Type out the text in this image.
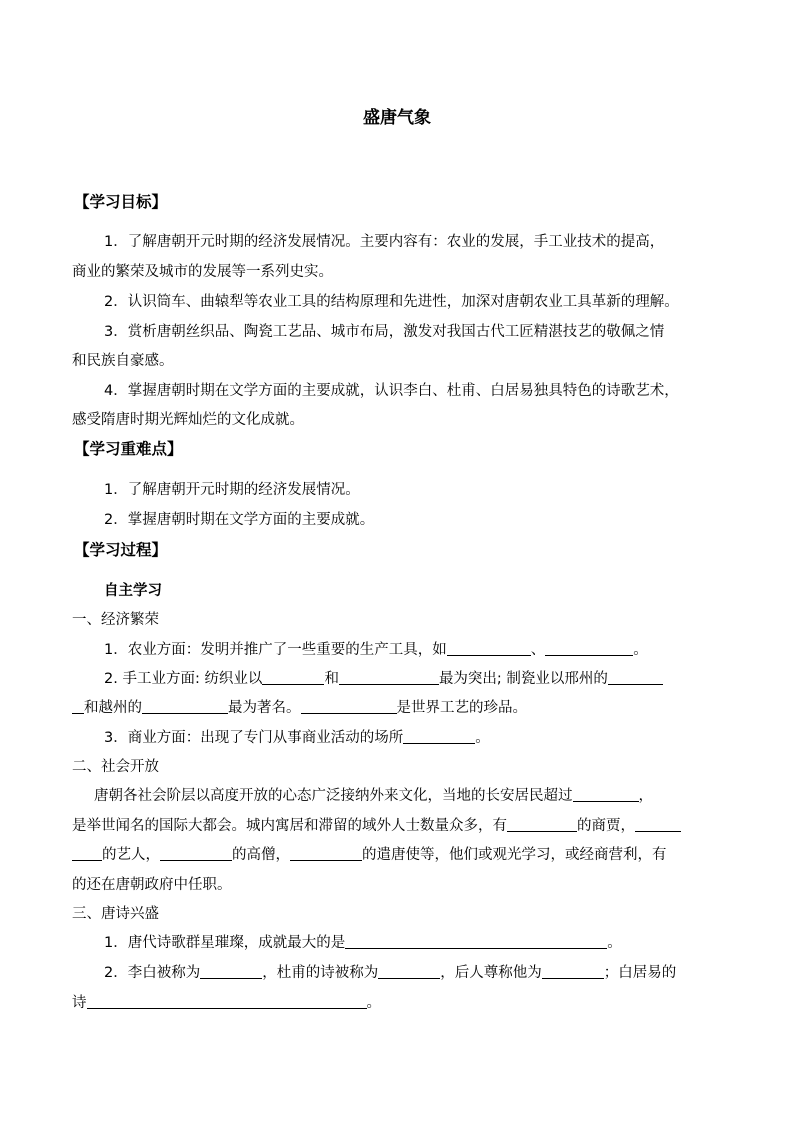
盛唐气象
【学习目标】
1．了解唐朝开元时期的经济发展情况。主要内容有：农业的发展，手工业技术的提高，
商业的繁荣及城市的发展等一系列史实。
2．认识筒车、曲辕犁等农业工具的结构原理和先进性，加深对唐朝农业工具革新的理解。
3．赏析唐朝丝织品、陶瓷工艺品、城市布局，激发对我国古代工匠精湛技艺的敬佩之情
和民族自豪感。
4．掌握唐朝时期在文学方面的主要成就，认识李白、杜甫、白居易独具特色的诗歌艺术，
感受隋唐时期光辉灿烂的文化成就。
【学习重难点】
1．了解唐朝开元时期的经济发展情况。
2．掌握唐朝时期在文学方面的主要成就。
【学习过程】
自主学习
一、经济繁荣
1．农业方面：发明并推广了一些重要的生产工具，如	、	。
2. 手工业方面: 纺织业以	和	最为突出; 制瓷业以邢州的
和越州的	最为著名。	是世界工艺的珍品。
3．商业方面：出现了专门从事商业活动的场所	。
二、社会开放
唐朝各社会阶层以高度开放的心态广泛接纳外来文化，当地的长安居民超过	，
是举世闻名的国际大都会。城内寓居和滞留的域外人士数量众多，有	的商贾，
的艺人，	的高僧，	的遣唐使等，他们或观光学习，或经商营利，有
的还在唐朝政府中任职。
三、唐诗兴盛
1．唐代诗歌群星璀璨，成就最大的是	。
2．李白被称为	，杜甫的诗被称为	，后人尊称他为	；白居易的
诗	。
